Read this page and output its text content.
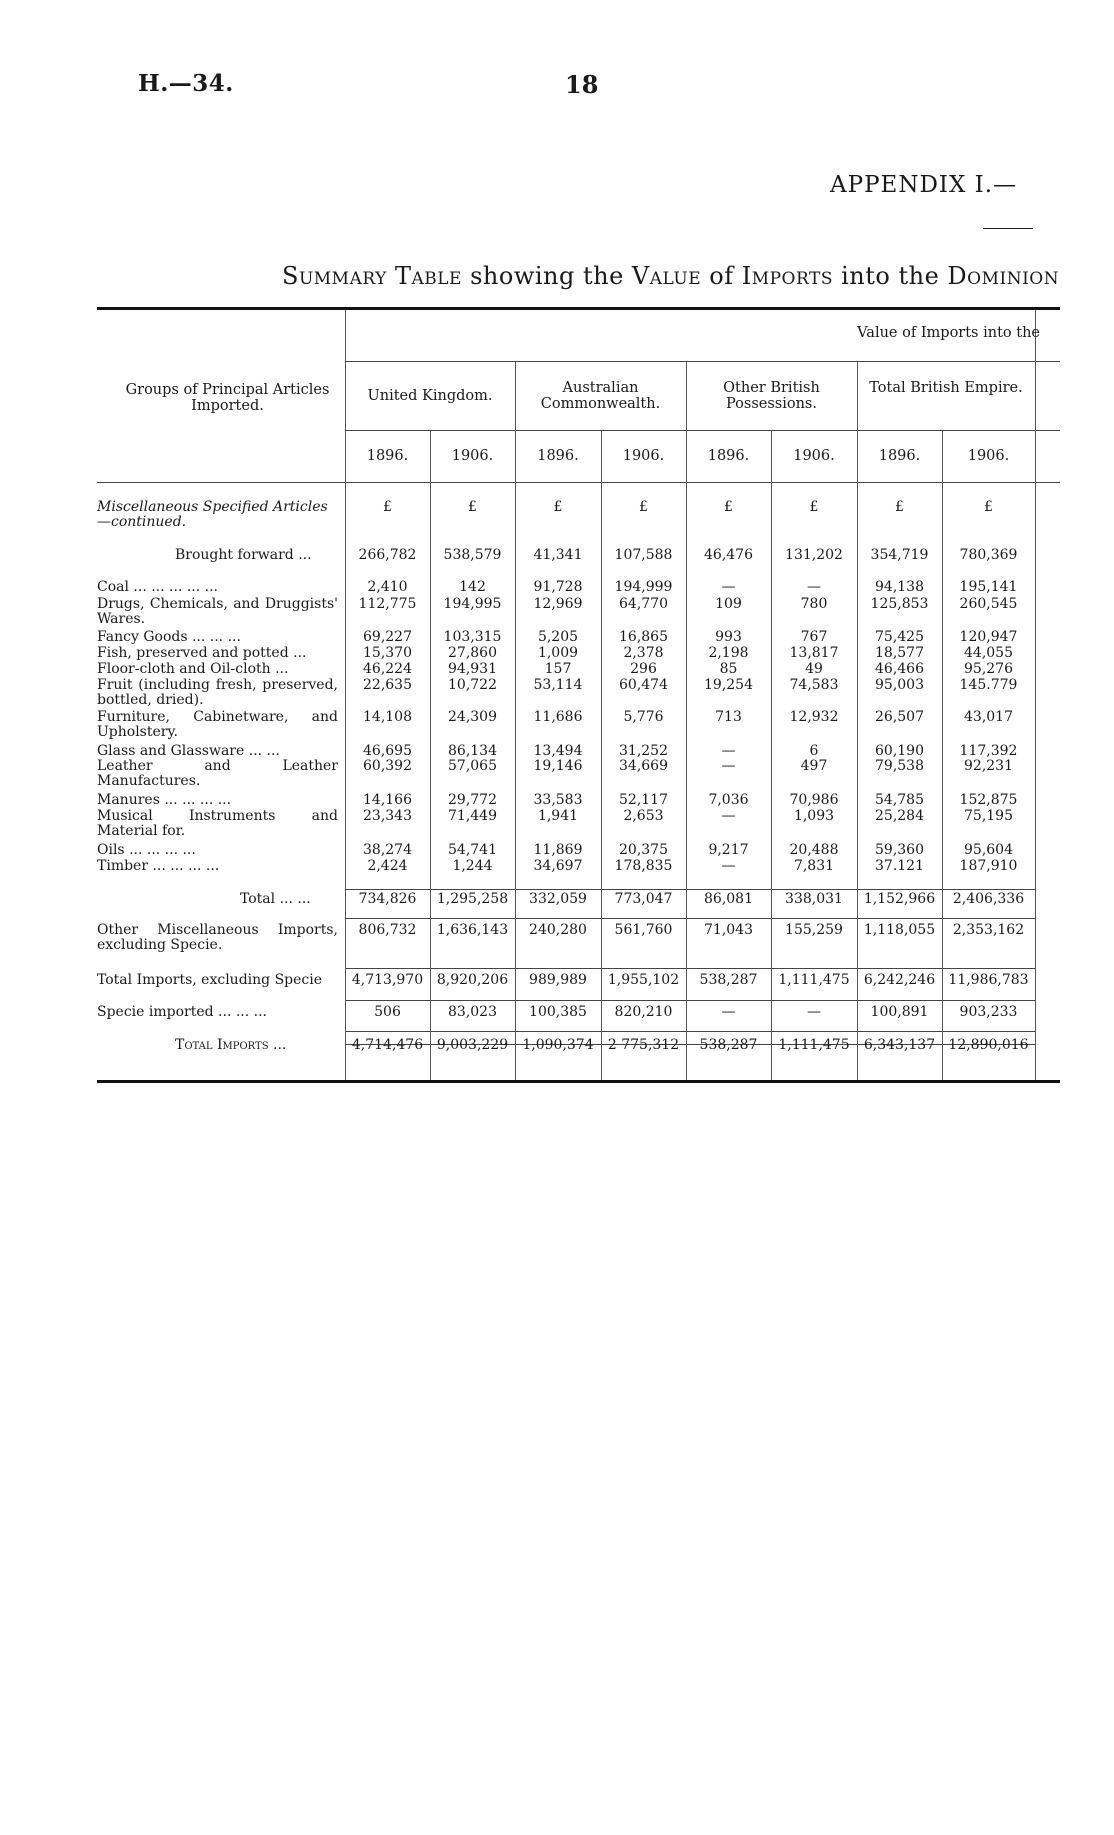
H.—34.	18
APPENDIX I.—
Summary Table showing the Value of Imports into the Dominion
Value of Imports into the
Groups of Principal Articles Imported.
United Kingdom.	Australian Commonwealth.
Other British Possessions.
Total British Empire.
1896.	1906.	1896.	1906.	1896.	1906.	1896.	1906.
Miscellaneous Specified Articles —continued.
£	£	£	£	£	£	£	£
Brought forward ...	266,782	538,579	41,341	107,588	46,476	131,202	354,719	780,369
Coal ... ... ... ... ...	2,410	142	91,728	194,999	—	—	94,138	195,141
Drugs, Chemicals, and Druggists' Wares.
112,775	194,995	12,969	64,770	109	780	125,853	260,545
Fancy Goods ... ... ...	69,227	103,315	5,205	16,865	993	767	75,425	120,947
Fish, preserved and potted ...	15,370	27,860	1,009	2,378	2,198	13,817	18,577	44,055
Floor-cloth and Oil-cloth ...	46,224	94,931	157	296	85	49	46,466	95,276
Fruit (including fresh, preserved, bottled, dried).
22,635	10,722	53,114	60,474	19,254	74,583	95,003	145.779
Furniture, Cabinetware, and Upholstery.
14,108	24,309	11,686	5,776	713	12,932	26,507	43,017
Glass and Glassware ... ...	46,695	86,134	13,494	31,252	—	6	60,190	117,392
Leather and Leather Manufactures.
60,392	57,065	19,146	34,669	—	497	79,538	92,231
Manures ... ... ... ...	14,166	29,772	33,583	52,117	7,036	70,986	54,785	152,875
Musical Instruments and Material for.
23,343	71,449	1,941	2,653	—	1,093	25,284	75,195
Oils ... ... ... ...	38,274	54,741	11,869	20,375	9,217	20,488	59,360	95,604
Timber ... ... ... ...	2,424	1,244	34,697	178,835	—	7,831	37.121	187,910
Total ... ...	734,826	1,295,258	332,059	773,047	86,081	338,031	1,152,966	2,406,336
Other Miscellaneous Imports, excluding Specie.
806,732	1,636,143	240,280	561,760	71,043	155,259	1,118,055	2,353,162
Total Imports, excluding Specie	4,713,970 8,920,206	989,989	1,955,102	538,287	1,111,475	6,242,246 11,986,783
Specie imported ... ... ...	506	83,023	100,385	820,210	—	—	100,891	903,233
Total Imports ...	4,714,476 9,003,229	1,090,374	2 775,312	538,287	1,111,475	6,343,137 12,890,016
